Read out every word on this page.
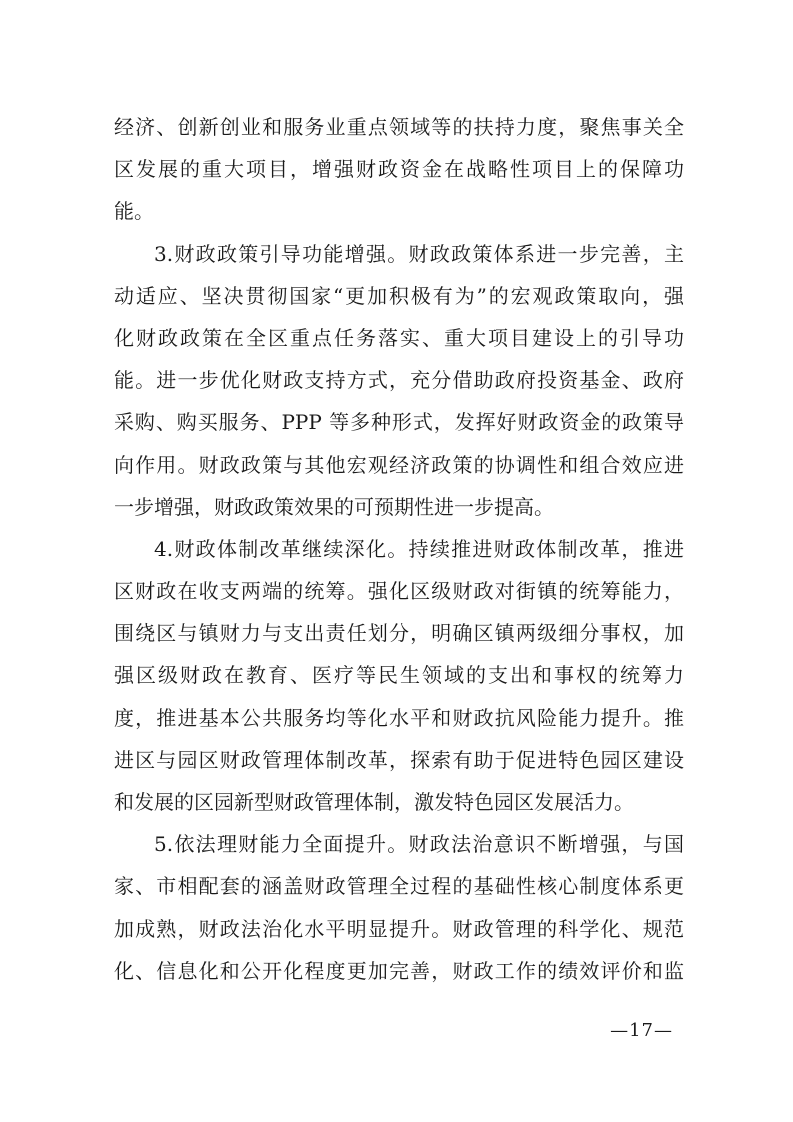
经济、创新创业和服务业重点领域等的扶持力度，聚焦事关全
区发展的重大项目，增强财政资金在战略性项目上的保障功
能。
3.财政政策引导功能增强。财政政策体系进一步完善，主
动适应、坚决贯彻国家“更加积极有为”的宏观政策取向，强
化财政政策在全区重点任务落实、重大项目建设上的引导功
能。进一步优化财政支持方式，充分借助政府投资基金、政府
采购、购买服务、PPP 等多种形式，发挥好财政资金的政策导
向作用。财政政策与其他宏观经济政策的协调性和组合效应进
一步增强，财政政策效果的可预期性进一步提高。
4.财政体制改革继续深化。持续推进财政体制改革，推进
区财政在收支两端的统筹。强化区级财政对街镇的统筹能力，
围绕区与镇财力与支出责任划分，明确区镇两级细分事权，加
强区级财政在教育、医疗等民生领域的支出和事权的统筹力
度，推进基本公共服务均等化水平和财政抗风险能力提升。推
进区与园区财政管理体制改革，探索有助于促进特色园区建设
和发展的区园新型财政管理体制，激发特色园区发展活力。
5.依法理财能力全面提升。财政法治意识不断增强，与国
家、市相配套的涵盖财政管理全过程的基础性核心制度体系更
加成熟，财政法治化水平明显提升。财政管理的科学化、规范
化、信息化和公开化程度更加完善，财政工作的绩效评价和监
—17—
